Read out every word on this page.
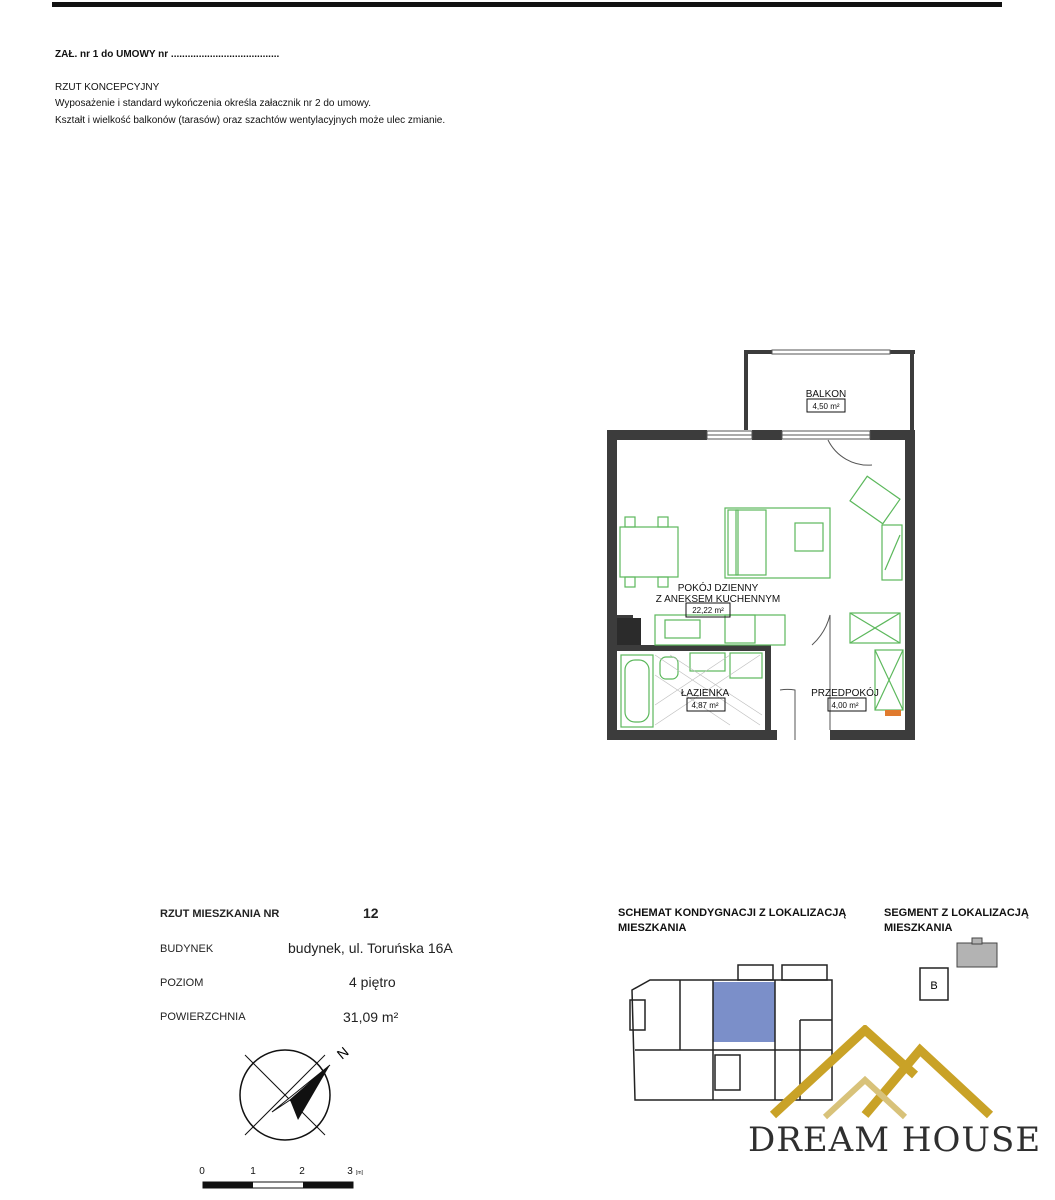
ZAŁ. nr 1 do UMOWY nr .......................................
RZUT KONCEPCYJNY
Wyposażenie i standard wykończenia określa załacznik nr 2 do umowy.
Kształt i wielkość balkonów (tarasów) oraz szachtów wentylacyjnych może ulec zmianie.
BALKON
4,50 m²
POKÓJ DZIENNY
Z ANEKSEM KUCHENNYM
22,22 m²
ŁAZIENKA
4,87 m²
PRZEDPOKÓJ
4,00 m²
RZUT MIESZKANIA NR	12
BUDYNEK	budynek, ul. Toruńska 16A
POZIOM	4 piętro
POWIERZCHNIA	31,09 m²
N
0	1	2	3 [m]
SCHEMAT KONDYGNACJI Z LOKALIZACJĄ
MIESZKANIA
SEGMENT Z LOKALIZACJĄ
MIESZKANIA
B
DREAM HOUSE
